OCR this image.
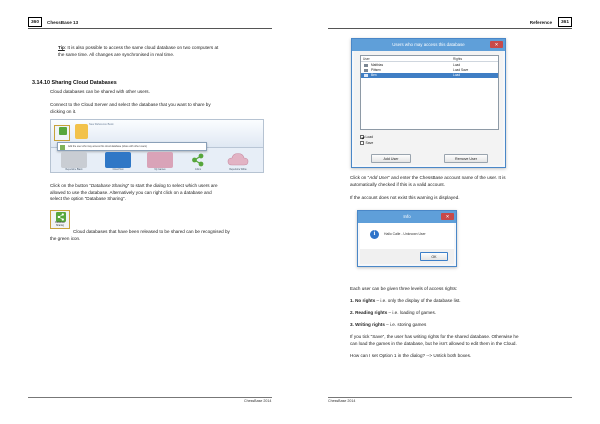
360	ChessBase 13
Tip: It is also possible to access the same cloud database on two computers at
the same time. All changes are synchronised in real time.
3.14.10 Sharing Cloud Databases
Cloud databases can be shared with other users.
Connect to the Cloud Server and select the database that you want to share by
clicking on it.
New Reference Book
Add the user who may access this cloud database (share with other users)
Repertoire Black	Cloud Test	My Games	Johns	Repertoire White
Click on the button “Database Sharing” to start the dialog to select which users are
allowed to use the database. Alternatively you can right click on a database and
select the option “Database Sharing”.
Database
Sharing
Cloud databases that have been released to be shared can be recognised by
the green icon.
ChessBase 2014
Reference	361
Users who may access this database	✕
User	Rights
Matthias	Load
Pittsen	Load Save
Ben	Load
Load
Save
Add User	Remove User
Click on “Add User” and enter the ChessBase account name of the user. It is
automatically checked if this is a valid account.
If the account does not exist this warning is displayed.
Info	✕
i	Hallo Calle - Unknown User
OK
Each user can be given three levels of access rights:
1. No rights – i.e. only the display of the database list.
2. Reading rights – i.e. loading of games.
3. Writing rights – i.e. storing games
If you tick “Save”, the user has writing rights for the shared database. Otherwise he
can load the games in the database, but he isn’t allowed to edit them in the Cloud.
How can I set Option 1 in the dialog? --> Untick both boxes.
ChessBase 2014
